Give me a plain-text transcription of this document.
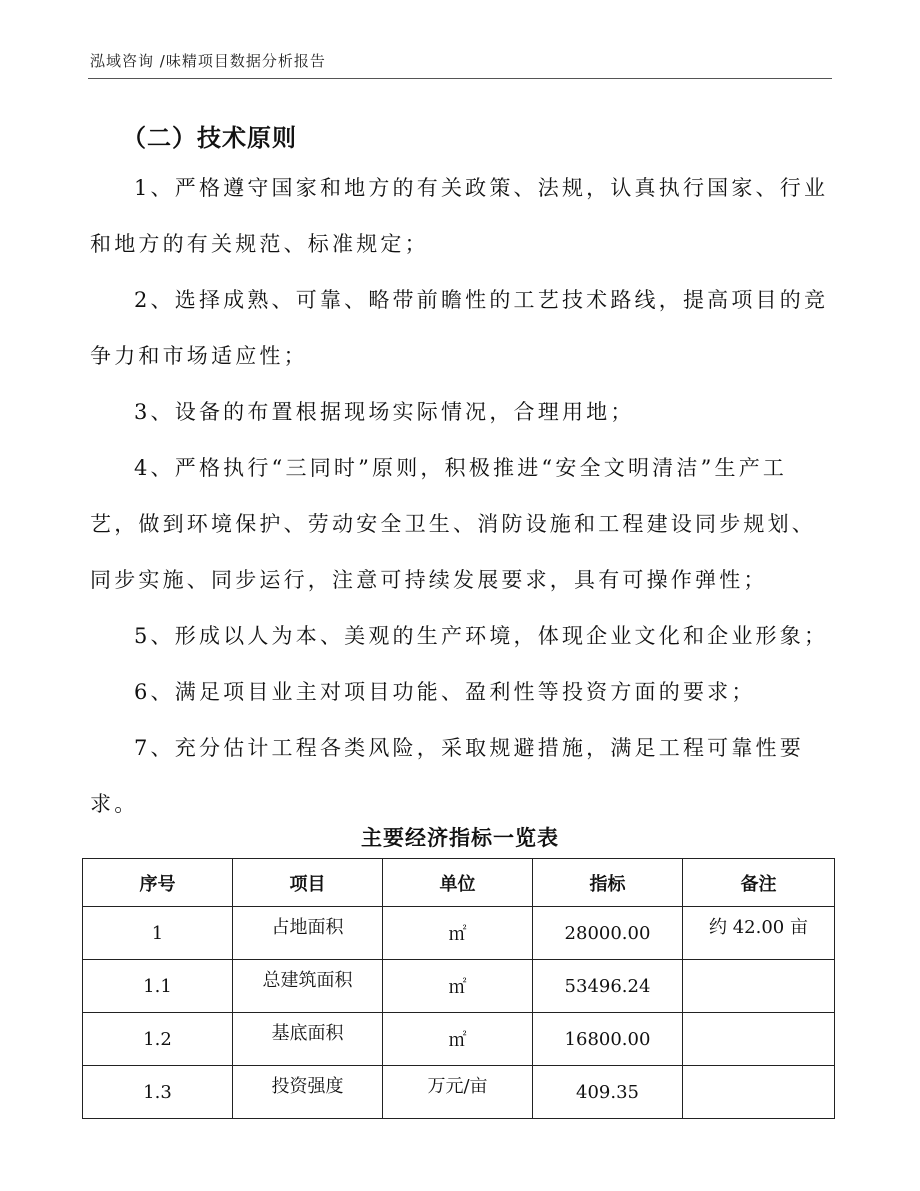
泓域咨询 /味精项目数据分析报告
（二）技术原则

1、严格遵守国家和地方的有关政策、法规，认真执行国家、行业和地方的有关规范、标准规定；

2、选择成熟、可靠、略带前瞻性的工艺技术路线，提高项目的竞争力和市场适应性；

3、设备的布置根据现场实际情况，合理用地；

4、严格执行“三同时”原则，积极推进“安全文明清洁”生产工艺，做到环境保护、劳动安全卫生、消防设施和工程建设同步规划、同步实施、同步运行，注意可持续发展要求，具有可操作弹性；

5、形成以人为本、美观的生产环境，体现企业文化和企业形象；

6、满足项目业主对项目功能、盈利性等投资方面的要求；

7、充分估计工程各类风险，采取规避措施，满足工程可靠性要求。

主要经济指标一览表
序号	项目	单位	指标	备注
1	占地面积	㎡	28000.00	约 42.00 亩
1.1	总建筑面积	㎡	53496.24	
1.2	基底面积	㎡	16800.00	
1.3	投资强度	万元/亩	409.35	
